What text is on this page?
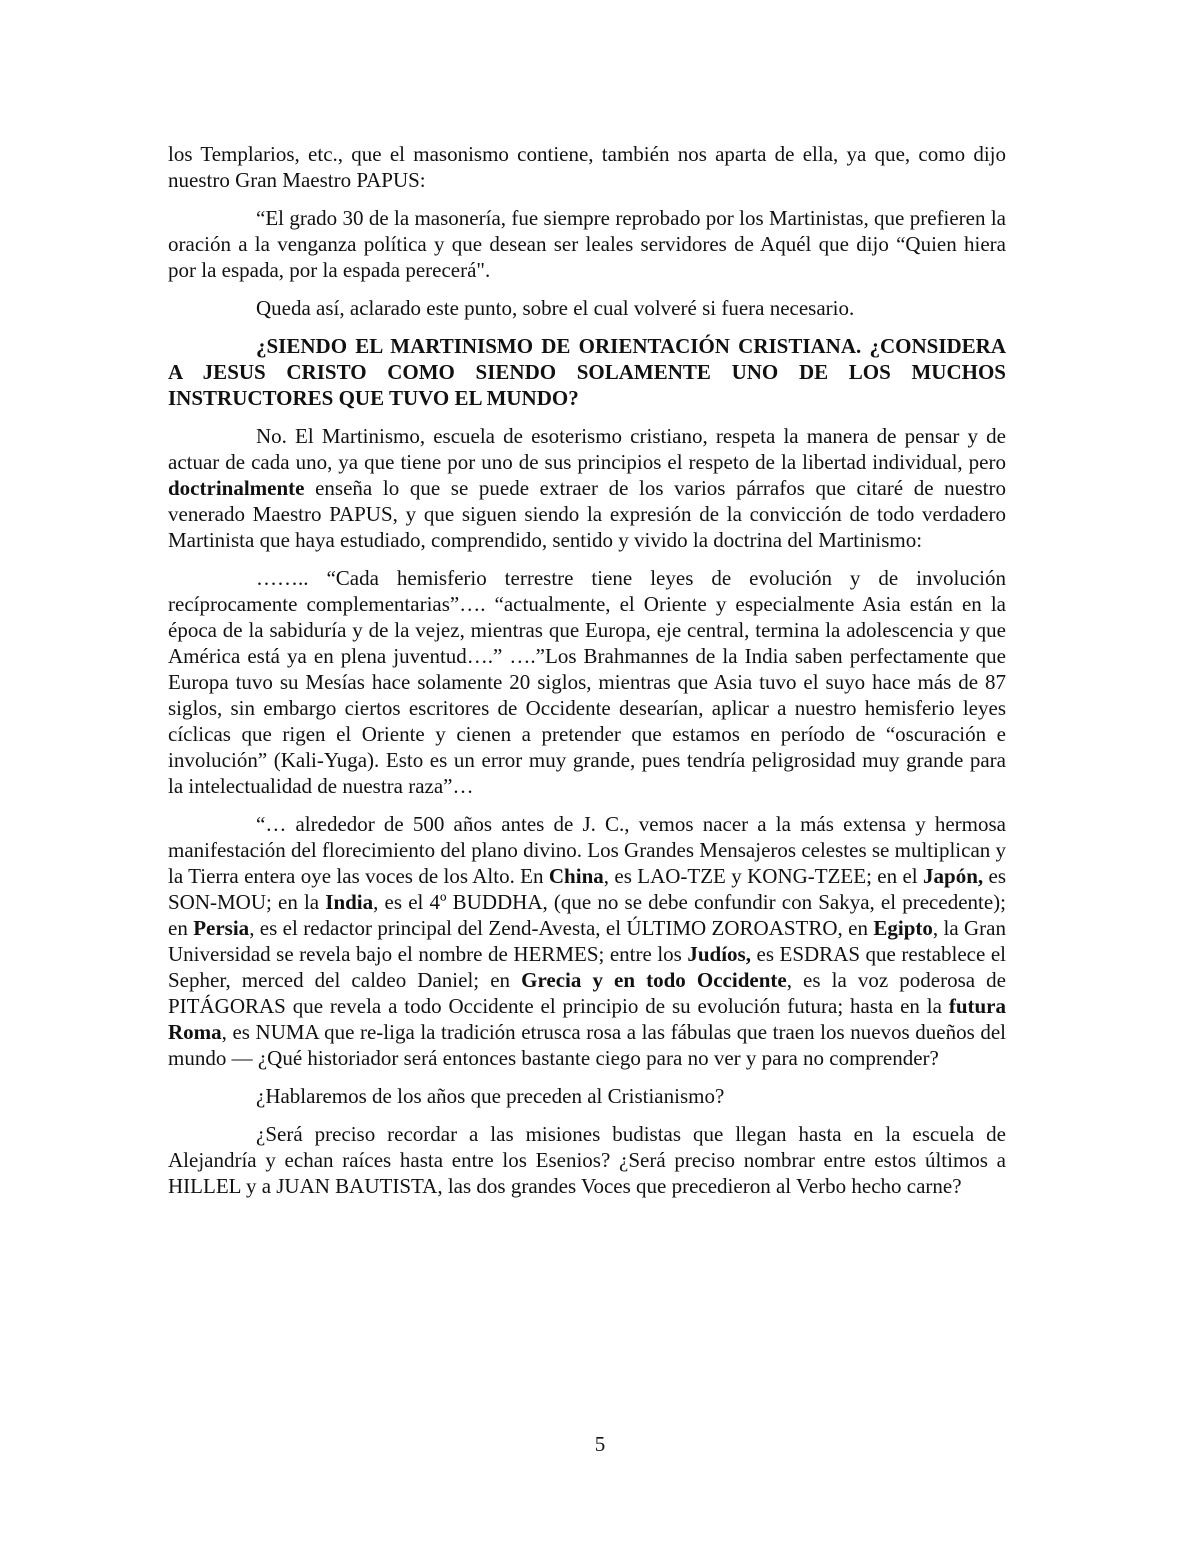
los Templarios, etc., que el masonismo contiene, también nos aparta de ella, ya que, como dijo nuestro Gran Maestro PAPUS:

“El grado 30 de la masonería, fue siempre reprobado por los Martinistas, que prefieren la oración a la venganza política y que desean ser leales servidores de Aquél que dijo “Quien hiera por la espada, por la espada perecerá".

Queda así, aclarado este punto, sobre el cual volveré si fuera necesario.

¿SIENDO EL MARTINISMO DE ORIENTACIÓN CRISTIANA. ¿CONSIDERA A JESUS CRISTO COMO SIENDO SOLAMENTE UNO DE LOS MUCHOS INSTRUCTORES QUE TUVO EL MUNDO?

No. El Martinismo, escuela de esoterismo cristiano, respeta la manera de pensar y de actuar de cada uno, ya que tiene por uno de sus principios el respeto de la libertad individual, pero doctrinalmente enseña lo que se puede extraer de los varios párrafos que citaré de nuestro venerado Maestro PAPUS, y que siguen siendo la expresión de la convicción de todo verdadero Martinista que haya estudiado, comprendido, sentido y vivido la doctrina del Martinismo:

…….. “Cada hemisferio terrestre tiene leyes de evolución y de involución recíprocamente complementarias”…. “actualmente, el Oriente y especialmente Asia están en la época de la sabiduría y de la vejez, mientras que Europa, eje central, termina la adolescencia y que América está ya en plena juventud….” ….”Los Brahmannes de la India saben perfectamente que Europa tuvo su Mesías hace solamente 20 siglos, mientras que Asia tuvo el suyo hace más de 87 siglos, sin embargo ciertos escritores de Occidente desearían, aplicar a nuestro hemisferio leyes cíclicas que rigen el Oriente y cienen a pretender que estamos en período de “oscuración e involución” (Kali-Yuga). Esto es un error muy grande, pues tendría peligrosidad muy grande para la intelectualidad de nuestra raza”…

“… alrededor de 500 años antes de J. C., vemos nacer a la más extensa y hermosa manifestación del florecimiento del plano divino. Los Grandes Mensajeros celestes se multiplican y la Tierra entera oye las voces de los Alto. En China, es LAO-TZE y KONG-TZEE; en el Japón, es SON-MOU; en la India, es el 4º BUDDHA, (que no se debe confundir con Sakya, el precedente); en Persia, es el redactor principal del Zend-Avesta, el ÚLTIMO ZOROASTRO, en Egipto, la Gran Universidad se revela bajo el nombre de HERMES; entre los Judíos, es ESDRAS que restablece el Sepher, merced del caldeo Daniel; en Grecia y en todo Occidente, es la voz poderosa de PITÁGORAS que revela a todo Occidente el principio de su evolución futura; hasta en la futura Roma, es NUMA que re-liga la tradición etrusca rosa a las fábulas que traen los nuevos dueños del mundo — ¿Qué historiador será entonces bastante ciego para no ver y para no comprender?

¿Hablaremos de los años que preceden al Cristianismo?

¿Será preciso recordar a las misiones budistas que llegan hasta en la escuela de Alejandría y echan raíces hasta entre los Esenios? ¿Será preciso nombrar entre estos últimos a HILLEL y a JUAN BAUTISTA, las dos grandes Voces que precedieron al Verbo hecho carne?

5
